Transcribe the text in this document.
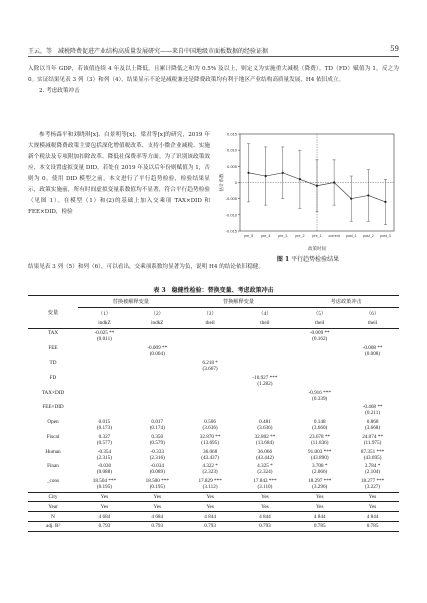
王云，等　减税降费促进产业结构高质量发展研究——来自中国地级市面板数据的经验证据	59

入除以当年 GDP，若该值连续 4 年及以上降低，且累计降低之和为 0.5% 及以上，则定义为实施重大减税（降费）。TD（FD）赋值为 1，反之为 0。实证结果见表 3 列（3）和列（4），结果显示不论是减税兼还是降费政策均有利于地区产业结构高质量发展，H4 依旧成立。

2. 考虑政策冲击

参考杨森平和刘晓琪[x]、白景明等[x]、梁君等[x]的研究，2019 年大规模减税降费政策主要包括深化增值税改革、支持小微企业减税、实施新个税法及专项附加扣除改革、降低社保费率等方面。为了识别该政策效应，本文设置虚拟变量 DID，若处在 2019 年及以后年份则赋值为 1，否则为 0。使用 DID 模型之前，本文进行了平行趋势检验，检验结果显示，政策实施前，所有时间虚拟变量系数值均不显著，符合平行趋势检验（见图 1）。在模型（1）和(2)的基础上加入交乘项 TAX×DID 和 FEE×DID，检验

-0.015
-0.010
-0.005
0
0.005
0.010
0.015
pre_5 pre_4 pre_3 pre_2 pre_1 current post_1 post_2 post_3
政策时间
估计系数
图 1 平行趋势检验结果

结果见表 3 列（5）和列（6），可以看出，交乘项系数均显著为负，说明 H4 的结论依旧稳健。

表 3　稳健性检验：替换变量、考虑政策冲击
变量	替换被解释变量		替换解释变量		考虑政策冲击	
	（1）	（2）	（3）	（4）	（5）	（6）
	indkZ	indkZ	theil	theil	theil	theil
TAX	-0.025 **				-0.009 **	
	(0.011)				(0.162)	
FEE		-0.009 **				-0.008 **
		(0.004)				(0.008)
TD			6.218 *			
			(3.667)			
FD				-10.927 ***		
				(1.282)		
TAX×DID					-0.916 ***	
					(0.339)	
FEE×DID						-0.468 **
						(0.211)
Open	0.015	0.017	0.506	0.481	0.148	0.868
	(0.173)	(0.174)	(3.636)	(3.636)	(3.660)	(3.668)
Fiscal	0.327	0.350	32.870 **	32.802 **	23.678 **	24.074 **
	(0.577)	(0.579)	(13.695)	(13.684)	(11.836)	(11.975)
Human	-0.354	-0.333	36.068	36.066	91.003 ***	87.351 ***
	(2.315)	(2.316)	(43.437)	(43.442)	(43.890)	(43.695)
Finan	-0.030	-0.034	4.322 *	4.325 *	3.708 *	3.784 *
	(0.088)	(0.089)	(2.323)	(2.324)	(2.066)	(2.104)
_cons	18.504 ***	18.500 ***	17.829 ***	17.843 ***	18.297 ***	18.277 ***
	(0.195)	(0.195)	(3.112)	(3.110)	(3.296)	(3.227)
City	Yes	Yes	Yes	Yes	Yes	Yes
Year	Yes	Yes	Yes	Yes	Yes	Yes
N	4 684	4 684	4 844	4 844	4 844	4 844
adj. R²	0.793	0.793	0.793	0.793	0.785	0.785
